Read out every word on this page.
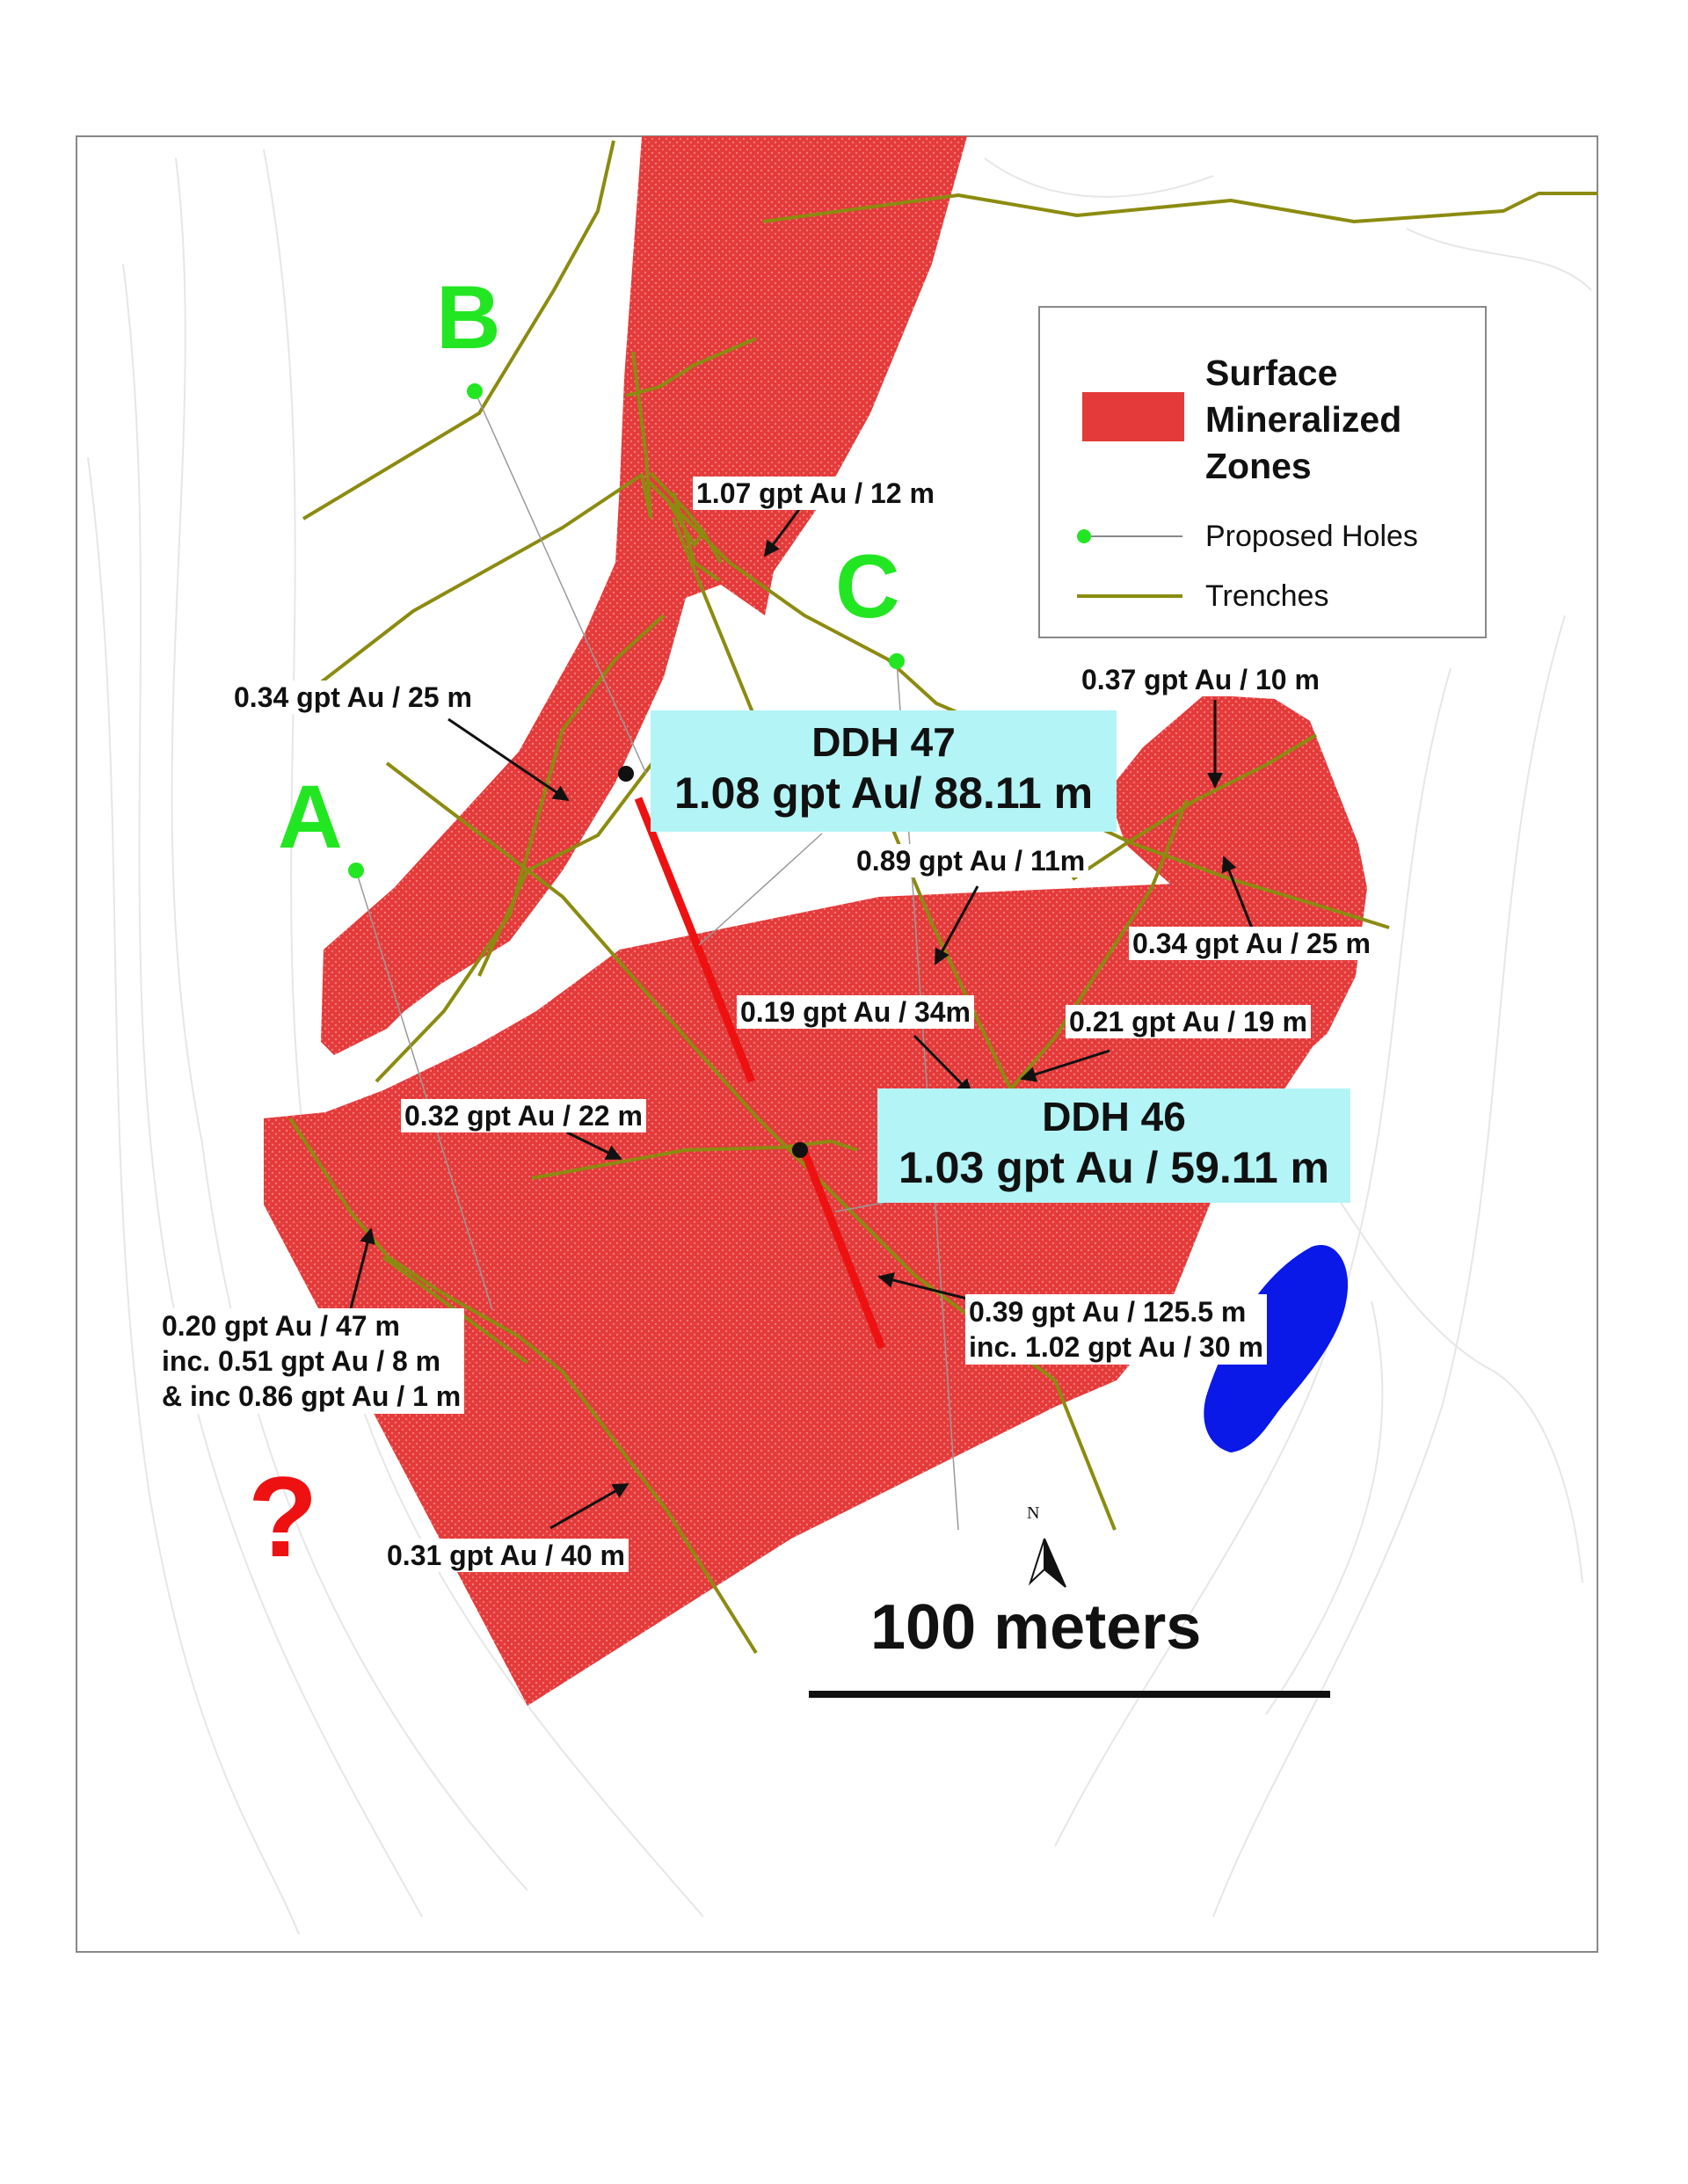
B
C
A
?
Surface
Mineralized
Zones
Proposed Holes
Trenches
1.07 gpt Au / 12 m
0.34 gpt Au / 25 m
0.37 gpt Au / 10 m
0.89 gpt Au / 11m
0.34 gpt Au / 25 m
0.19 gpt Au / 34m	0.21 gpt Au / 19 m
0.32 gpt Au / 22 m
0.20 gpt Au / 47 m
inc. 0.51 gpt Au / 8 m
& inc 0.86 gpt Au / 1 m
0.39 gpt Au / 125.5 m
inc. 1.02 gpt Au / 30 m
0.31 gpt Au / 40 m
DDH 47
1.08 gpt Au/ 88.11 m
DDH 46
1.03 gpt Au / 59.11 m
N
100 meters
